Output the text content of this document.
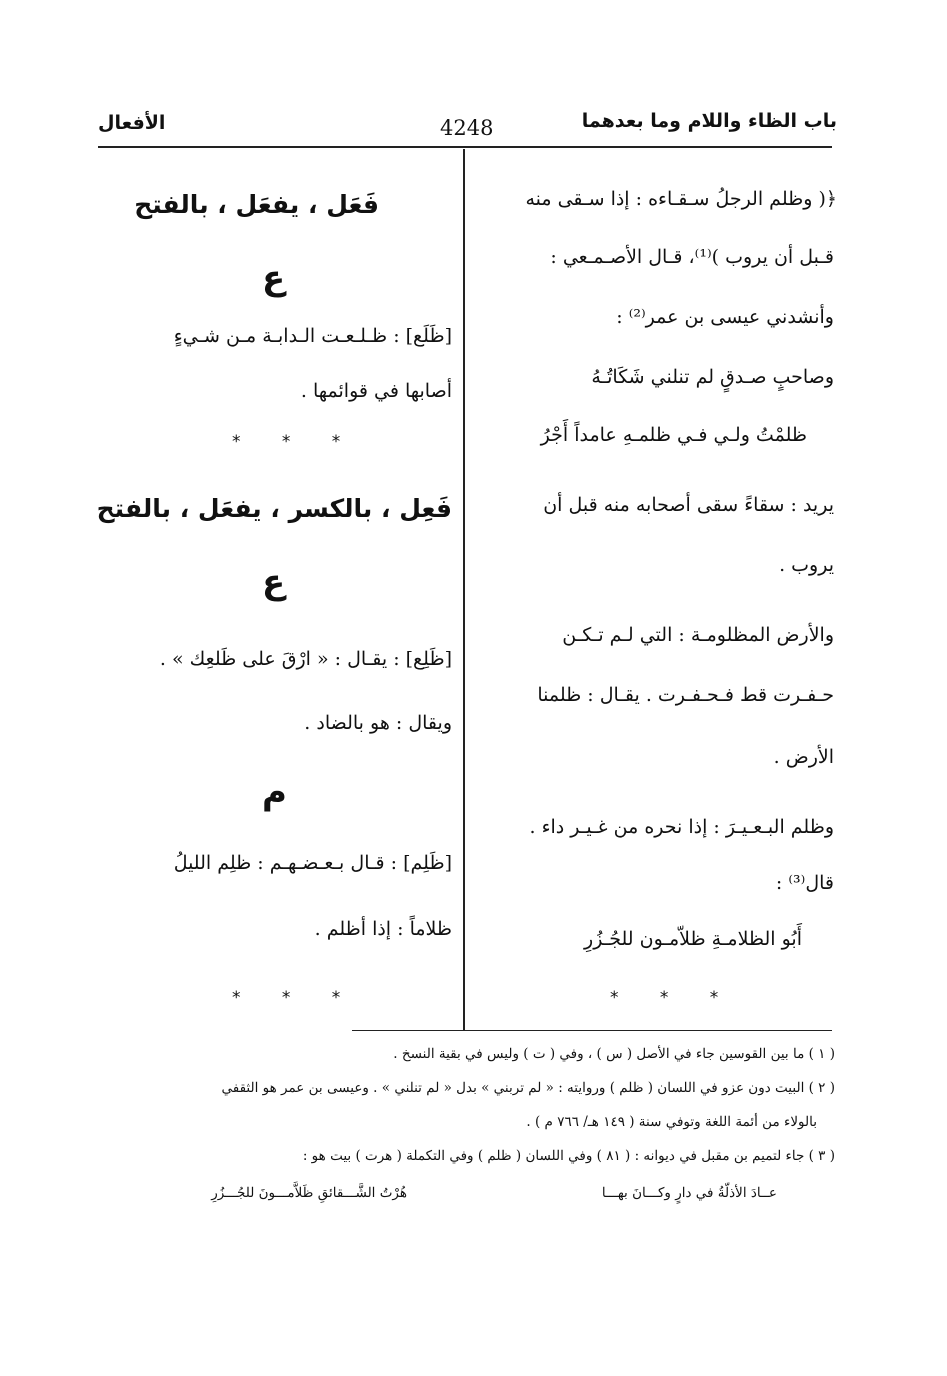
باب الظاء واللام وما بعدهما
4248
الأفعال
﴿( وظلم الرجلُ سـقـاءه : إذا سـقى منه
قـبل أن يروب )⁽¹⁾، قـال الأصـمـعي :
وأنشدني عيسى بن عمر⁽²⁾ :
وصاحبٍ صـدقٍ لم تنلني شَكَاتُـهُ
ظلمْتُ ولـي فـي ظلمـهِ عامداً أَجْرُ
يريد : سقاءً سقى أصحابه منه قبل أن
يروب .
والأرض المظلومـة : التي لـم تـكـن
حـفـرت قط فـحـفـرت . يقـال : ظلمنا
الأرض .
وظلم البـعـيـرَ : إذا نحره من غـيـر داء .
قال⁽³⁾ :
أَبُو الظلامـةِ ظلاّمـون للجُـزُرِ
* * *
فَعَل ، يفعَل ، بالفتح
ع
[ظَلَع] : ظـلـعـت الـدابـة مـن شـيءٍ
أصابها في قوائمها .
* * *
فَعِل ، بالكسر ، يفعَل ، بالفتح
ع
[ظَلِع] : يقـال : « ارْقَ على ظَلعِك » .
ويقال : هو بالضاد .
م
[ظَلِم] : قـال بـعـضـهـم : ظلِم الليلُ
ظلاماً : إذا أظلم .
* * *
( ١ ) ما بين القوسين جاء في الأصل ( س ) ، وفي ( ت ) وليس في بقية النسخ .
( ٢ ) البيت دون عزو في اللسان ( ظلم ) وروايته : « لم تربني » بدل « لم تنلني » . وعيسى بن عمر هو الثقفي
بالولاء من أئمة اللغة وتوفي سنة ( ١٤٩ هـ/ ٧٦٦ م ) .
( ٣ ) جاء لتميم بن مقبل في ديوانه : ( ٨١ ) وفي اللسان ( ظلم ) وفي التكملة ( هرت ) بيت هو :
عــادَ الأذلّةُ في دارٍ وكـــانَ بهـــا
هُرْتُ الشَّـــقائقِ ظَلاَّمـــونَ للجُـــزُرِ
